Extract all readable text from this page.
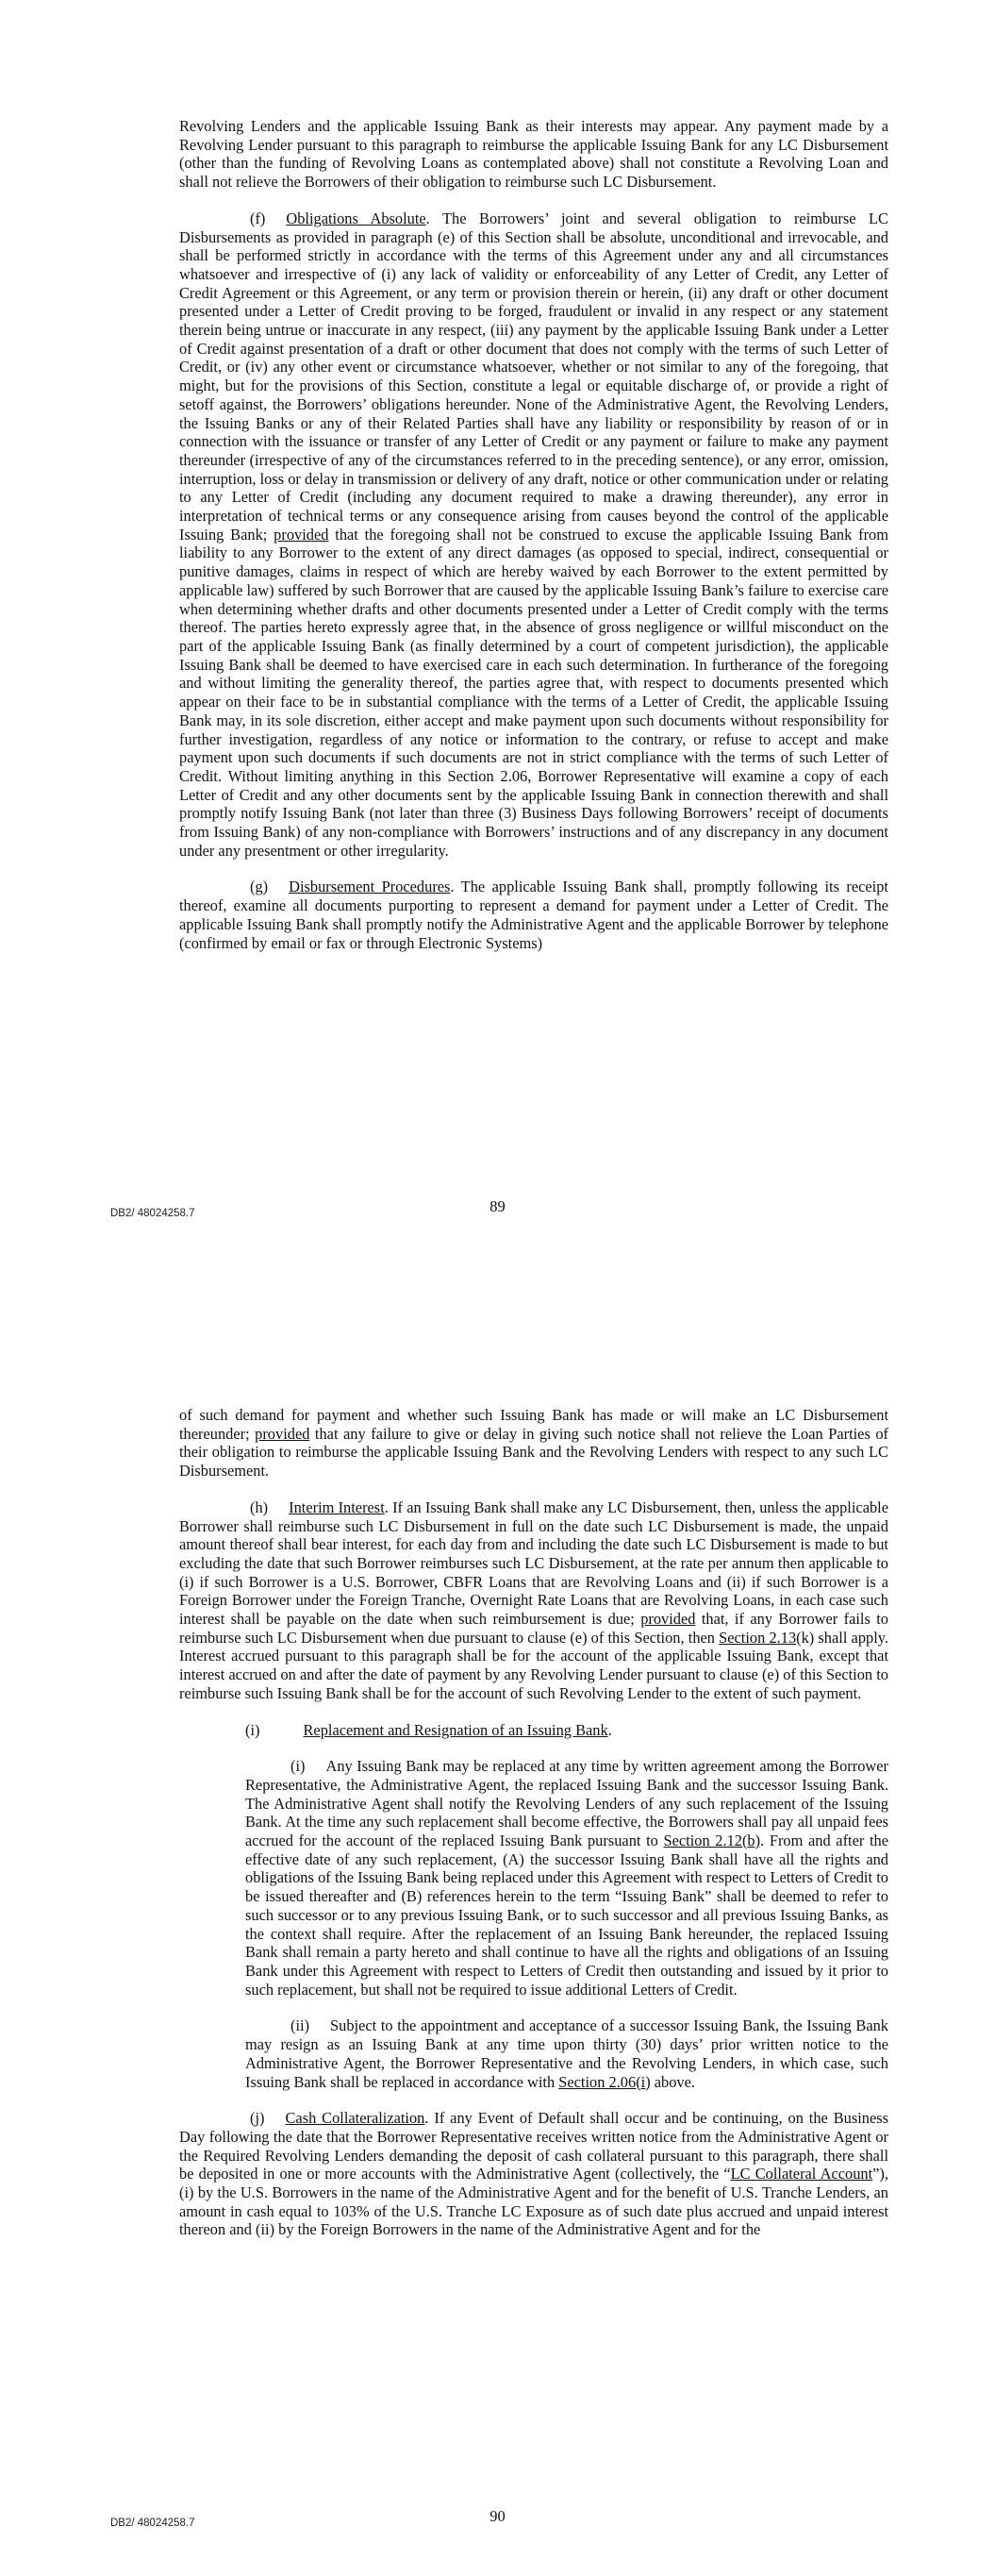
Revolving Lenders and the applicable Issuing Bank as their interests may appear. Any payment made by a Revolving Lender pursuant to this paragraph to reimburse the applicable Issuing Bank for any LC Disbursement (other than the funding of Revolving Loans as contemplated above) shall not constitute a Revolving Loan and shall not relieve the Borrowers of their obligation to reimburse such LC Disbursement.

(f) Obligations Absolute. The Borrowers’ joint and several obligation to reimburse LC Disbursements as provided in paragraph (e) of this Section shall be absolute, unconditional and irrevocable, and shall be performed strictly in accordance with the terms of this Agreement under any and all circumstances whatsoever and irrespective of (i) any lack of validity or enforceability of any Letter of Credit, any Letter of Credit Agreement or this Agreement, or any term or provision therein or herein, (ii) any draft or other document presented under a Letter of Credit proving to be forged, fraudulent or invalid in any respect or any statement therein being untrue or inaccurate in any respect, (iii) any payment by the applicable Issuing Bank under a Letter of Credit against presentation of a draft or other document that does not comply with the terms of such Letter of Credit, or (iv) any other event or circumstance whatsoever, whether or not similar to any of the foregoing, that might, but for the provisions of this Section, constitute a legal or equitable discharge of, or provide a right of setoff against, the Borrowers’ obligations hereunder. None of the Administrative Agent, the Revolving Lenders, the Issuing Banks or any of their Related Parties shall have any liability or responsibility by reason of or in connection with the issuance or transfer of any Letter of Credit or any payment or failure to make any payment thereunder (irrespective of any of the circumstances referred to in the preceding sentence), or any error, omission, interruption, loss or delay in transmission or delivery of any draft, notice or other communication under or relating to any Letter of Credit (including any document required to make a drawing thereunder), any error in interpretation of technical terms or any consequence arising from causes beyond the control of the applicable Issuing Bank; provided that the foregoing shall not be construed to excuse the applicable Issuing Bank from liability to any Borrower to the extent of any direct damages (as opposed to special, indirect, consequential or punitive damages, claims in respect of which are hereby waived by each Borrower to the extent permitted by applicable law) suffered by such Borrower that are caused by the applicable Issuing Bank’s failure to exercise care when determining whether drafts and other documents presented under a Letter of Credit comply with the terms thereof. The parties hereto expressly agree that, in the absence of gross negligence or willful misconduct on the part of the applicable Issuing Bank (as finally determined by a court of competent jurisdiction), the applicable Issuing Bank shall be deemed to have exercised care in each such determination. In furtherance of the foregoing and without limiting the generality thereof, the parties agree that, with respect to documents presented which appear on their face to be in substantial compliance with the terms of a Letter of Credit, the applicable Issuing Bank may, in its sole discretion, either accept and make payment upon such documents without responsibility for further investigation, regardless of any notice or information to the contrary, or refuse to accept and make payment upon such documents if such documents are not in strict compliance with the terms of such Letter of Credit. Without limiting anything in this Section 2.06, Borrower Representative will examine a copy of each Letter of Credit and any other documents sent by the applicable Issuing Bank in connection therewith and shall promptly notify Issuing Bank (not later than three (3) Business Days following Borrowers’ receipt of documents from Issuing Bank) of any non-compliance with Borrowers’ instructions and of any discrepancy in any document under any presentment or other irregularity.

(g) Disbursement Procedures. The applicable Issuing Bank shall, promptly following its receipt thereof, examine all documents purporting to represent a demand for payment under a Letter of Credit. The applicable Issuing Bank shall promptly notify the Administrative Agent and the applicable Borrower by telephone (confirmed by email or fax or through Electronic Systems)

DB2/ 48024258.7	89

of such demand for payment and whether such Issuing Bank has made or will make an LC Disbursement thereunder; provided that any failure to give or delay in giving such notice shall not relieve the Loan Parties of their obligation to reimburse the applicable Issuing Bank and the Revolving Lenders with respect to any such LC Disbursement.

(h) Interim Interest. If an Issuing Bank shall make any LC Disbursement, then, unless the applicable Borrower shall reimburse such LC Disbursement in full on the date such LC Disbursement is made, the unpaid amount thereof shall bear interest, for each day from and including the date such LC Disbursement is made to but excluding the date that such Borrower reimburses such LC Disbursement, at the rate per annum then applicable to (i) if such Borrower is a U.S. Borrower, CBFR Loans that are Revolving Loans and (ii) if such Borrower is a Foreign Borrower under the Foreign Tranche, Overnight Rate Loans that are Revolving Loans, in each case such interest shall be payable on the date when such reimbursement is due; provided that, if any Borrower fails to reimburse such LC Disbursement when due pursuant to clause (e) of this Section, then Section 2.13(k) shall apply. Interest accrued pursuant to this paragraph shall be for the account of the applicable Issuing Bank, except that interest accrued on and after the date of payment by any Revolving Lender pursuant to clause (e) of this Section to reimburse such Issuing Bank shall be for the account of such Revolving Lender to the extent of such payment.

(i)	Replacement and Resignation of an Issuing Bank.

(i) Any Issuing Bank may be replaced at any time by written agreement among the Borrower Representative, the Administrative Agent, the replaced Issuing Bank and the successor Issuing Bank. The Administrative Agent shall notify the Revolving Lenders of any such replacement of the Issuing Bank. At the time any such replacement shall become effective, the Borrowers shall pay all unpaid fees accrued for the account of the replaced Issuing Bank pursuant to Section 2.12(b). From and after the effective date of any such replacement, (A) the successor Issuing Bank shall have all the rights and obligations of the Issuing Bank being replaced under this Agreement with respect to Letters of Credit to be issued thereafter and (B) references herein to the term “Issuing Bank” shall be deemed to refer to such successor or to any previous Issuing Bank, or to such successor and all previous Issuing Banks, as the context shall require. After the replacement of an Issuing Bank hereunder, the replaced Issuing Bank shall remain a party hereto and shall continue to have all the rights and obligations of an Issuing Bank under this Agreement with respect to Letters of Credit then outstanding and issued by it prior to such replacement, but shall not be required to issue additional Letters of Credit.

(ii) Subject to the appointment and acceptance of a successor Issuing Bank, the Issuing Bank may resign as an Issuing Bank at any time upon thirty (30) days’ prior written notice to the Administrative Agent, the Borrower Representative and the Revolving Lenders, in which case, such Issuing Bank shall be replaced in accordance with Section 2.06(i) above.

(j) Cash Collateralization. If any Event of Default shall occur and be continuing, on the Business Day following the date that the Borrower Representative receives written notice from the Administrative Agent or the Required Revolving Lenders demanding the deposit of cash collateral pursuant to this paragraph, there shall be deposited in one or more accounts with the Administrative Agent (collectively, the “LC Collateral Account”), (i) by the U.S. Borrowers in the name of the Administrative Agent and for the benefit of U.S. Tranche Lenders, an amount in cash equal to 103% of the U.S. Tranche LC Exposure as of such date plus accrued and unpaid interest thereon and (ii) by the Foreign Borrowers in the name of the Administrative Agent and for the

DB2/ 48024258.7	90
